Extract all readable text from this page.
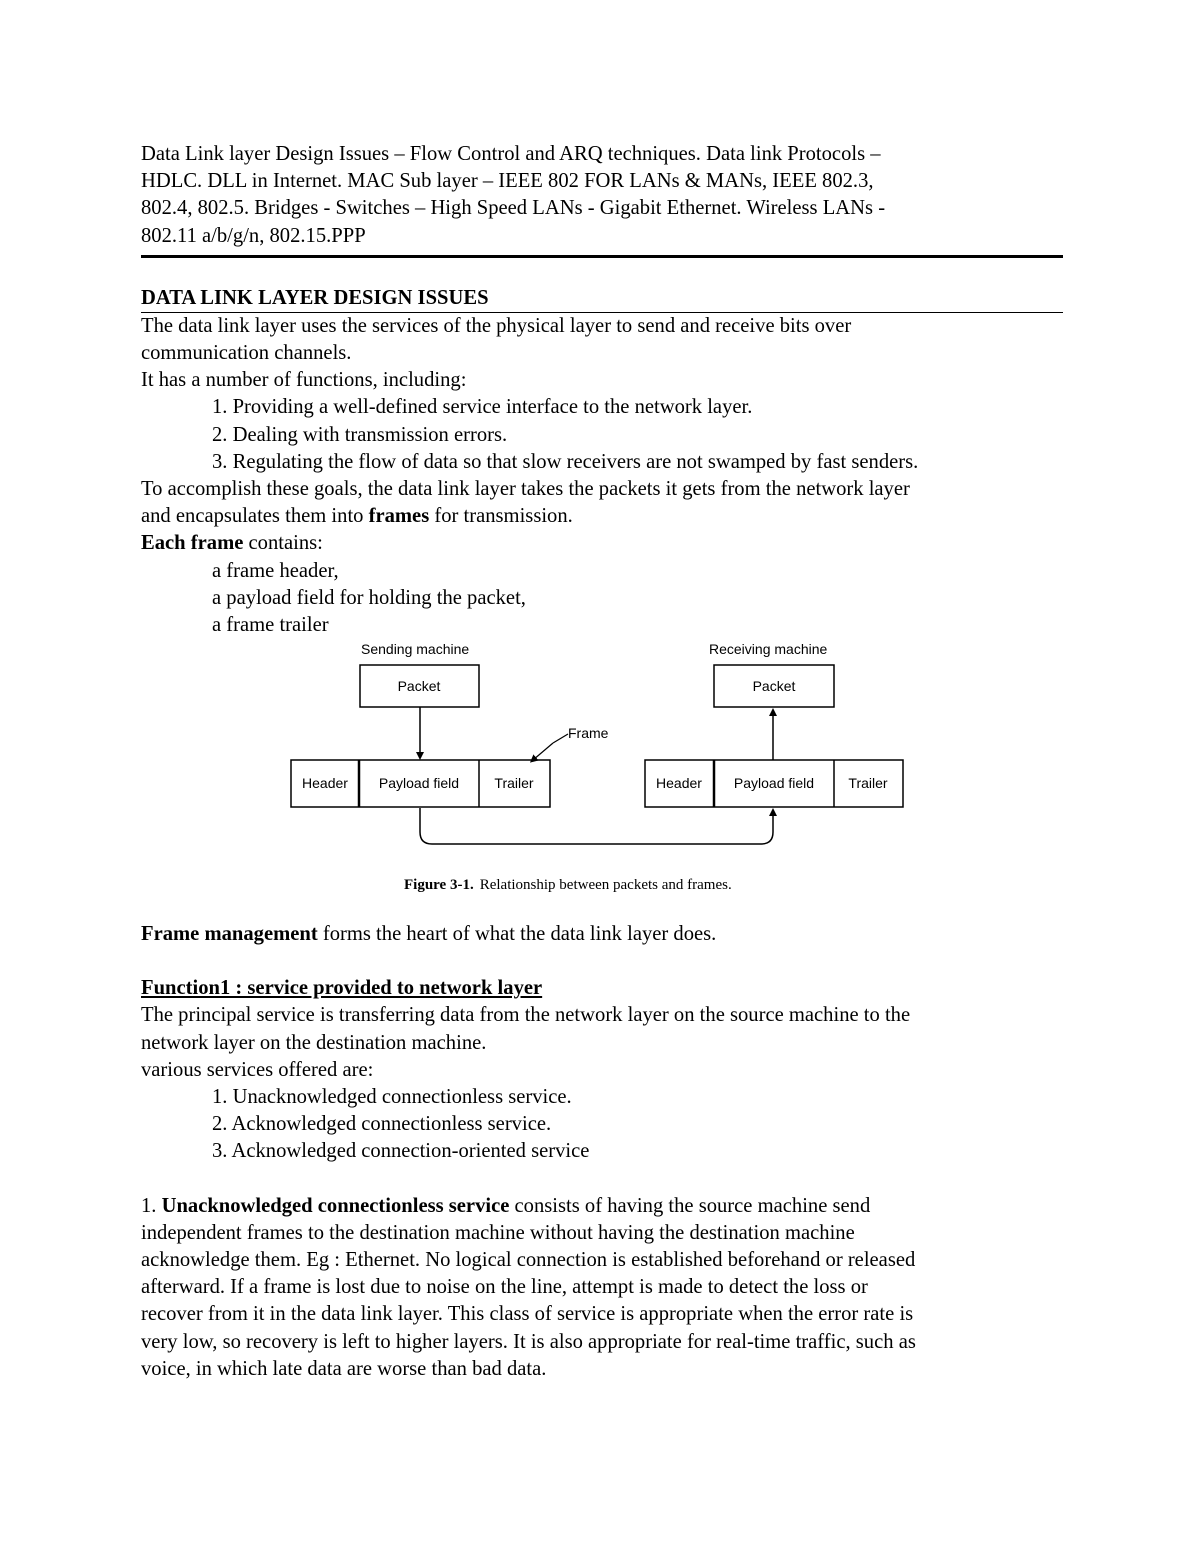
Data Link layer Design Issues – Flow Control and ARQ techniques. Data link Protocols –

HDLC. DLL in Internet. MAC Sub layer – IEEE 802 FOR LANs & MANs, IEEE 802.3,

802.4, 802.5. Bridges - Switches – High Speed LANs - Gigabit Ethernet. Wireless LANs -

802.11 a/b/g/n, 802.15.PPP

DATA LINK LAYER DESIGN ISSUES

The data link layer uses the services of the physical layer to send and receive bits over

communication channels.

It has a number of functions, including:

1. Providing a well-defined service interface to the network layer.

2. Dealing with transmission errors.

3. Regulating the flow of data so that slow receivers are not swamped by fast senders.

To accomplish these goals, the data link layer takes the packets it gets from the network layer

and encapsulates them into frames for transmission.

Each frame contains:

a frame header,

a payload field for holding the packet,

a frame trailer

Sending machine
Packet
Header Payload field	Trailer
Frame
Receiving machine
Packet
Header Payload field Trailer
Figure 3-1. Relationship between packets and frames.

Frame management forms the heart of what the data link layer does.

Function1 : service provided to network layer

The principal service is transferring data from the network layer on the source machine to the

network layer on the destination machine.

various services offered are:

1. Unacknowledged connectionless service.

2. Acknowledged connectionless service.

3. Acknowledged connection-oriented service

1. Unacknowledged connectionless service consists of having the source machine send

independent frames to the destination machine without having the destination machine

acknowledge them. Eg : Ethernet. No logical connection is established beforehand or released

afterward. If a frame is lost due to noise on the line, attempt is made to detect the loss or

recover from it in the data link layer. This class of service is appropriate when the error rate is

very low, so recovery is left to higher layers. It is also appropriate for real-time traffic, such as

voice, in which late data are worse than bad data.
